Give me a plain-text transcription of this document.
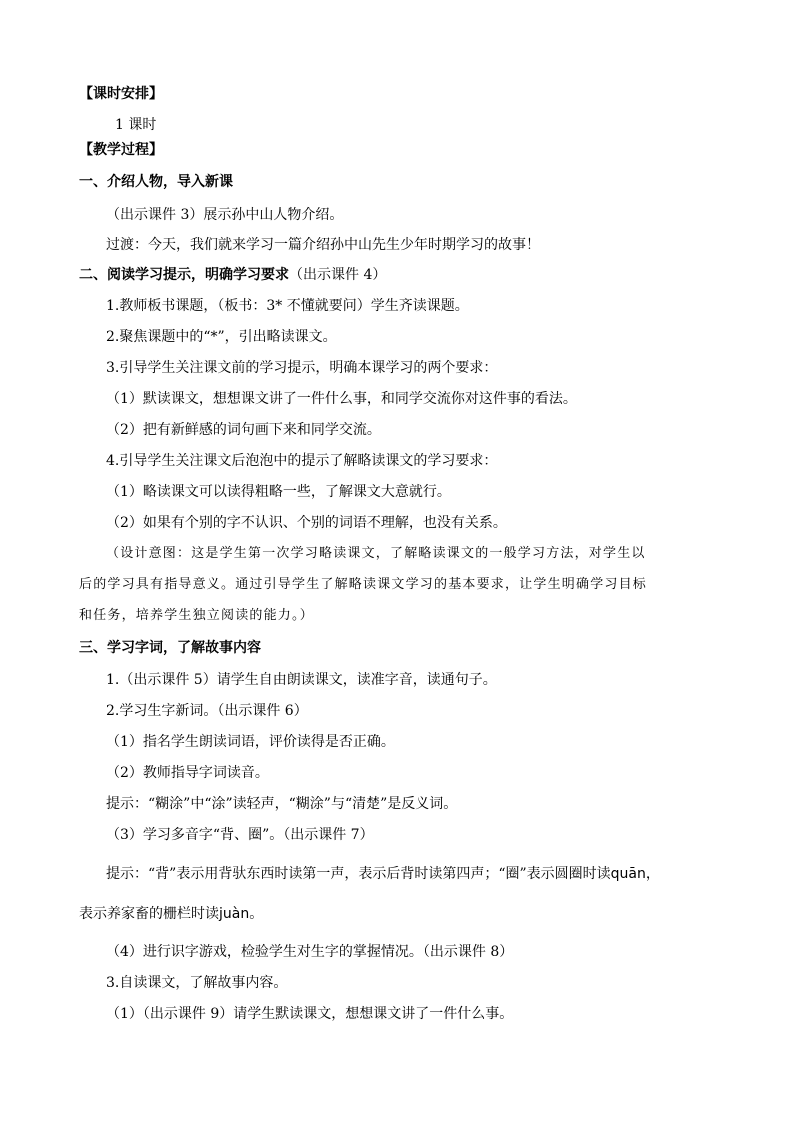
【课时安排】
1 课时
【教学过程】
一、介绍人物，导入新课
（出示课件 3）展示孙中山人物介绍。
过渡：今天，我们就来学习一篇介绍孙中山先生少年时期学习的故事！
二、阅读学习提示，明确学习要求（出示课件 4）
1.教师板书课题，（板书：3* 不懂就要问）学生齐读课题。
2.聚焦课题中的“*”，引出略读课文。
3.引导学生关注课文前的学习提示，明确本课学习的两个要求：
（1）默读课文，想想课文讲了一件什么事，和同学交流你对这件事的看法。
（2）把有新鲜感的词句画下来和同学交流。
4.引导学生关注课文后泡泡中的提示了解略读课文的学习要求：
（1）略读课文可以读得粗略一些，了解课文大意就行。
（2）如果有个别的字不认识、个别的词语不理解，也没有关系。
（设计意图：这是学生第一次学习略读课文，了解略读课文的一般学习方法，对学生以
后的学习具有指导意义。通过引导学生了解略读课文学习的基本要求，让学生明确学习目标
和任务，培养学生独立阅读的能力。）
三、学习字词，了解故事内容
1.（出示课件 5）请学生自由朗读课文，读准字音，读通句子。
2.学习生字新词。（出示课件 6）
（1）指名学生朗读词语，评价读得是否正确。
（2）教师指导字词读音。
提示：“糊涂”中“涂”读轻声，“糊涂”与“清楚”是反义词。
（3）学习多音字“背、圈”。（出示课件 7）
提示：“背”表示用背驮东西时读第一声，表示后背时读第四声；“圈”表示圆圈时读quān，
表示养家畜的栅栏时读juàn。
（4）进行识字游戏，检验学生对生字的掌握情况。（出示课件 8）
3.自读课文，了解故事内容。
（1）（出示课件 9）请学生默读课文，想想课文讲了一件什么事。
